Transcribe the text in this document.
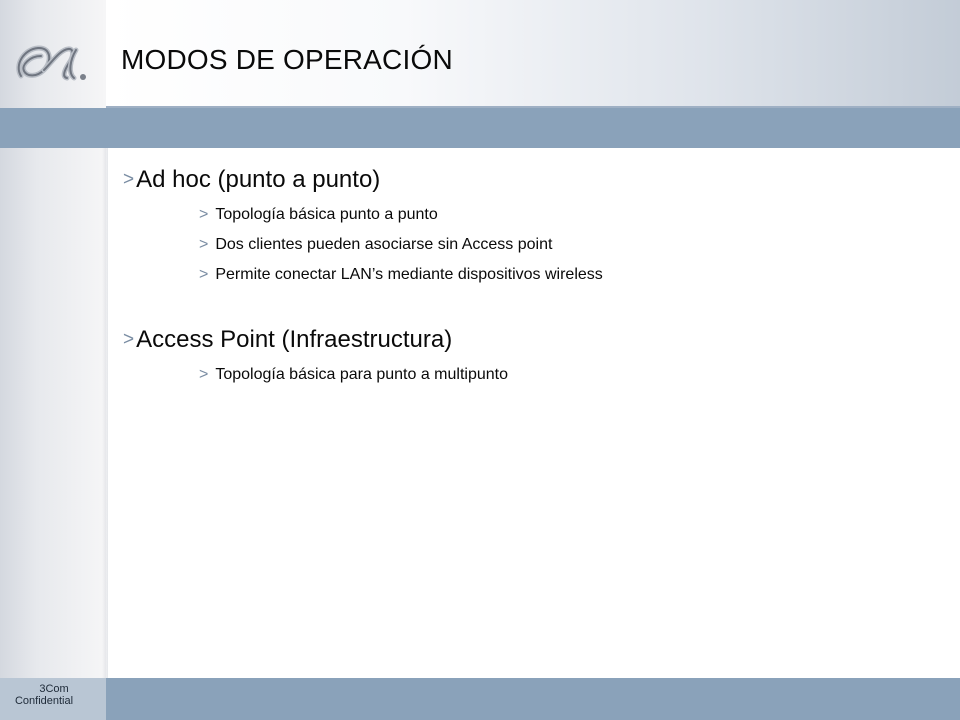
MODOS DE OPERACIÓN
>Ad hoc (punto a punto)
> Topología básica punto a punto
> Dos clientes pueden asociarse sin Access point
> Permite conectar LAN’s mediante dispositivos wireless
>Access Point (Infraestructura)
> Topología básica para punto a multipunto
3Com
Confidential
